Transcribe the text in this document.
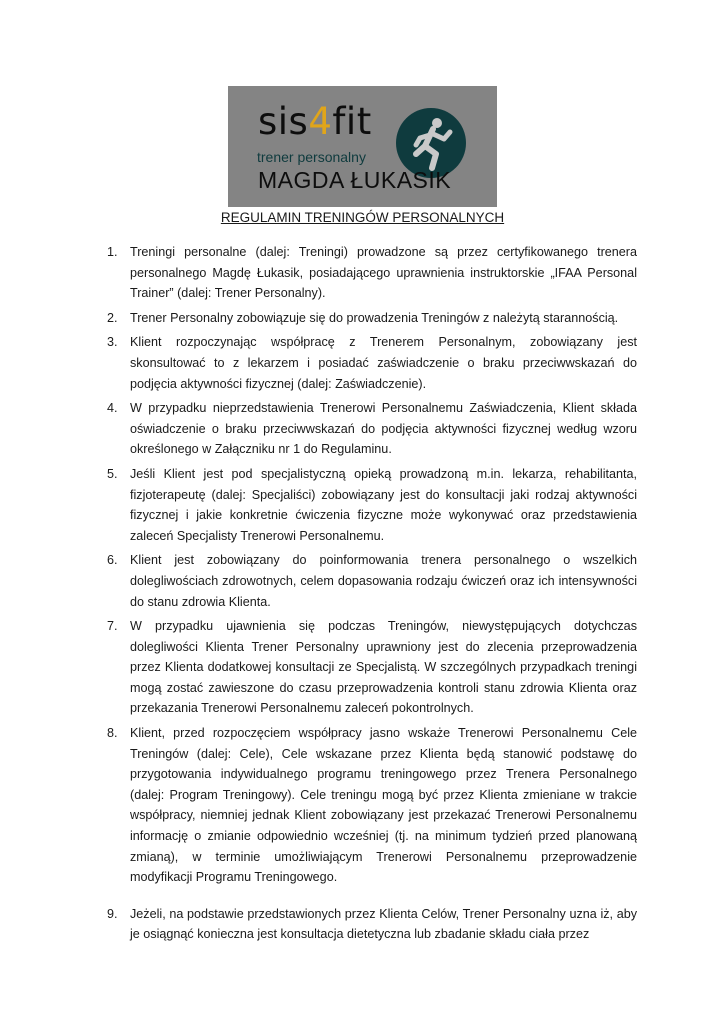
sis4fit
trener personalny
MAGDA ŁUKASIK
REGULAMIN TRENINGÓW PERSONALNYCH
1. Treningi personalne (dalej: Treningi) prowadzone są przez certyfikowanego trenera personalnego Magdę Łukasik, posiadającego uprawnienia instruktorskie „IFAA Personal Trainer” (dalej: Trener Personalny).
2. Trener Personalny zobowiązuje się do prowadzenia Treningów z należytą starannością.
3. Klient rozpoczynając współpracę z Trenerem Personalnym, zobowiązany jest skonsultować to z lekarzem i posiadać zaświadczenie o braku przeciwwskazań do podjęcia aktywności fizycznej (dalej: Zaświadczenie).
4. W przypadku nieprzedstawienia Trenerowi Personalnemu Zaświadczenia, Klient składa oświadczenie o braku przeciwwskazań do podjęcia aktywności fizycznej według wzoru określonego w Załączniku nr 1 do Regulaminu.
5. Jeśli Klient jest pod specjalistyczną opieką prowadzoną m.in. lekarza, rehabilitanta, fizjoterapeutę (dalej: Specjaliści) zobowiązany jest do konsultacji jaki rodzaj aktywności fizycznej i jakie konkretnie ćwiczenia fizyczne może wykonywać oraz przedstawienia zaleceń Specjalisty Trenerowi Personalnemu.
6. Klient jest zobowiązany do poinformowania trenera personalnego o wszelkich dolegliwościach zdrowotnych, celem dopasowania rodzaju ćwiczeń oraz ich intensywności do stanu zdrowia Klienta.
7. W przypadku ujawnienia się podczas Treningów, niewystępujących dotychczas dolegliwości Klienta Trener Personalny uprawniony jest do zlecenia przeprowadzenia przez Klienta dodatkowej konsultacji ze Specjalistą. W szczególnych przypadkach treningi mogą zostać zawieszone do czasu przeprowadzenia kontroli stanu zdrowia Klienta oraz przekazania Trenerowi Personalnemu zaleceń pokontrolnych.
8. Klient, przed rozpoczęciem współpracy jasno wskaże Trenerowi Personalnemu Cele Treningów (dalej: Cele), Cele wskazane przez Klienta będą stanowić podstawę do przygotowania indywidualnego programu treningowego przez Trenera Personalnego (dalej: Program Treningowy). Cele treningu mogą być przez Klienta zmieniane w trakcie współpracy, niemniej jednak Klient zobowiązany jest przekazać Trenerowi Personalnemu informację o zmianie odpowiednio wcześniej (tj. na minimum tydzień przed planowaną zmianą), w terminie umożliwiającym Trenerowi Personalnemu przeprowadzenie modyfikacji Programu Treningowego.
9. Jeżeli, na podstawie przedstawionych przez Klienta Celów, Trener Personalny uzna iż, aby je osiągnąć konieczna jest konsultacja dietetyczna lub zbadanie składu ciała przez
